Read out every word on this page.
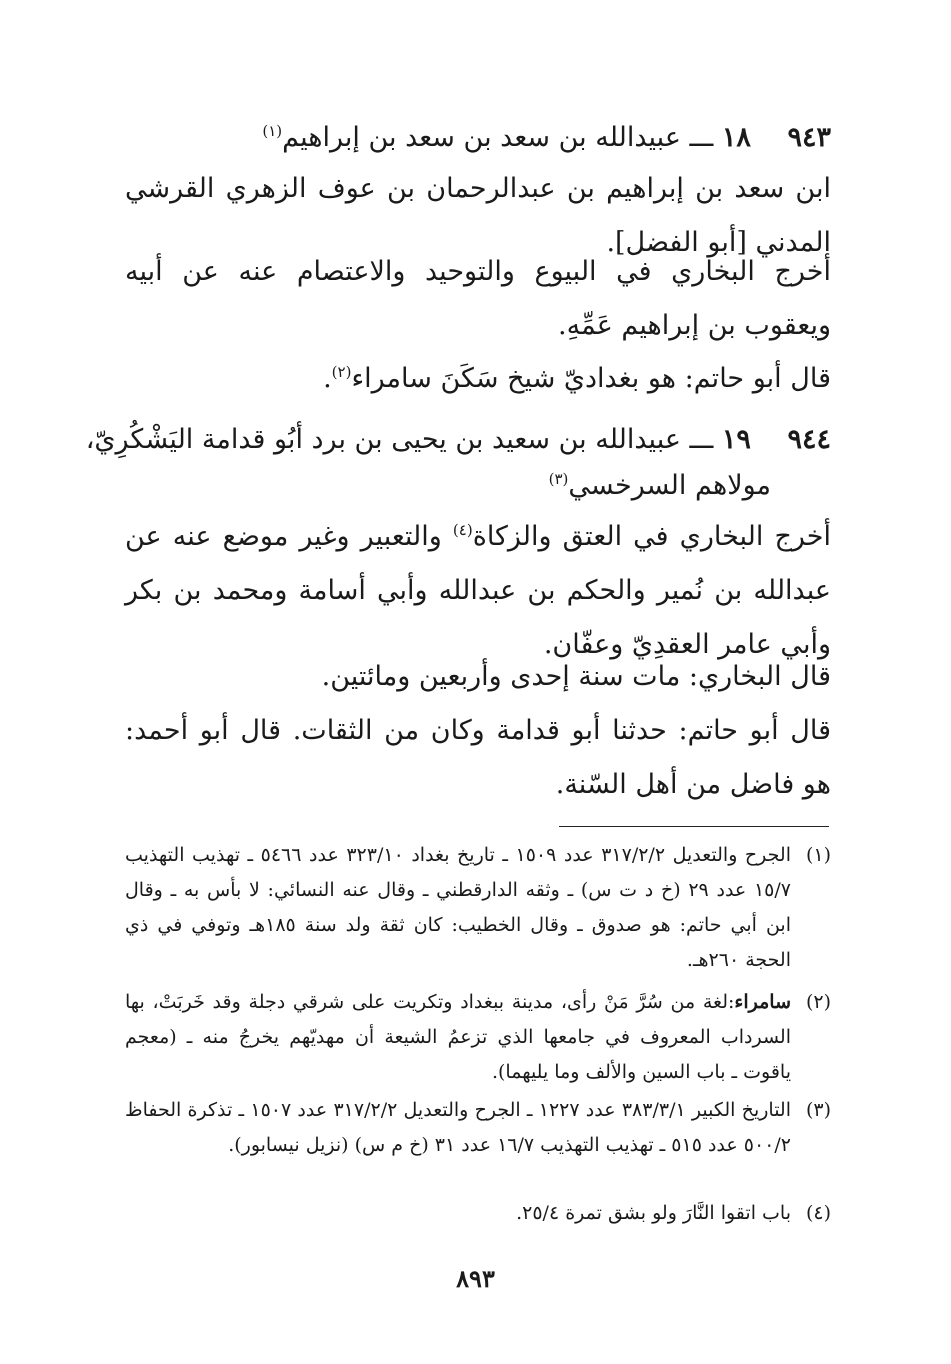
٩٤٣ ١٨ ـــ عبيدالله بن سعد بن سعد بن إبراهيم$^{(١)}$
ابن سعد بن إبراهيم بن عبدالرحمان بن عوف الزهري القرشي المدني [أبو الفضل].
أخرج البخاري في البيوع والتوحيد والاعتصام عنه عن أبيه ويعقوب بن إبراهيم عَمِّهِ.
قال أبو حاتم: هو بغداديّ شيخ سَكَنَ سامراء$^{(٢)}$.
٩٤٤ ١٩ ـــ عبيدالله بن سعيد بن يحيى بن برد أبُو قدامة اليَشْكُرِيّ،
مولاهم السرخسي$^{(٣)}$
أخرج البخاري في العتق والزكاة$^{(٤)}$ والتعبير وغير موضع عنه عن عبدالله بن نُمير والحكم بن عبدالله وأبي أسامة ومحمد بن بكر وأبي عامر العقدِيّ وعفّان.
قال البخاري: مات سنة إحدى وأربعين ومائتين.
قال أبو حاتم: حدثنا أبو قدامة وكان من الثقات. قال أبو أحمد: هو فاضل من أهل السّنة.
(١)
الجرح والتعديل ٣١٧/٢/٢ عدد ١٥٠٩ ـ تاريخ بغداد ٣٢٣/١٠ عدد ٥٤٦٦ ـ تهذيب التهذيب ١٥/٧ عدد ٢٩ (خ د ت س) ـ وثقه الدارقطني ـ وقال عنه النسائي: لا بأس به ـ وقال ابن أبي حاتم: هو صدوق ـ وقال الخطيب: كان ثقة ولد سنة ١٨٥هـ وتوفي في ذي الحجة ٢٦٠هـ.
(٢)
سامراء:لغة من سُرَّ مَنْ رأى، مدينة ببغداد وتكريت على شرقي دجلة وقد خَربَتْ، بها السرداب المعروف في جامعها الذي تزعمُ الشيعة أن مهديّهم يخرجُ منه ـ (معجم ياقوت ـ باب السين والألف وما يليهما).
(٣)
التاريخ الكبير ٣٨٣/٣/١ عدد ١٢٢٧ ـ الجرح والتعديل ٣١٧/٢/٢ عدد ١٥٠٧ ـ تذكرة الحفاظ ٥٠٠/٢ عدد ٥١٥ ـ تهذيب التهذيب ١٦/٧ عدد ٣١ (خ م س) (نزيل نيسابور).
(٤)
باب اتقوا النَّارَ ولو بشق تمرة ٢٥/٤.
٨٩٣
